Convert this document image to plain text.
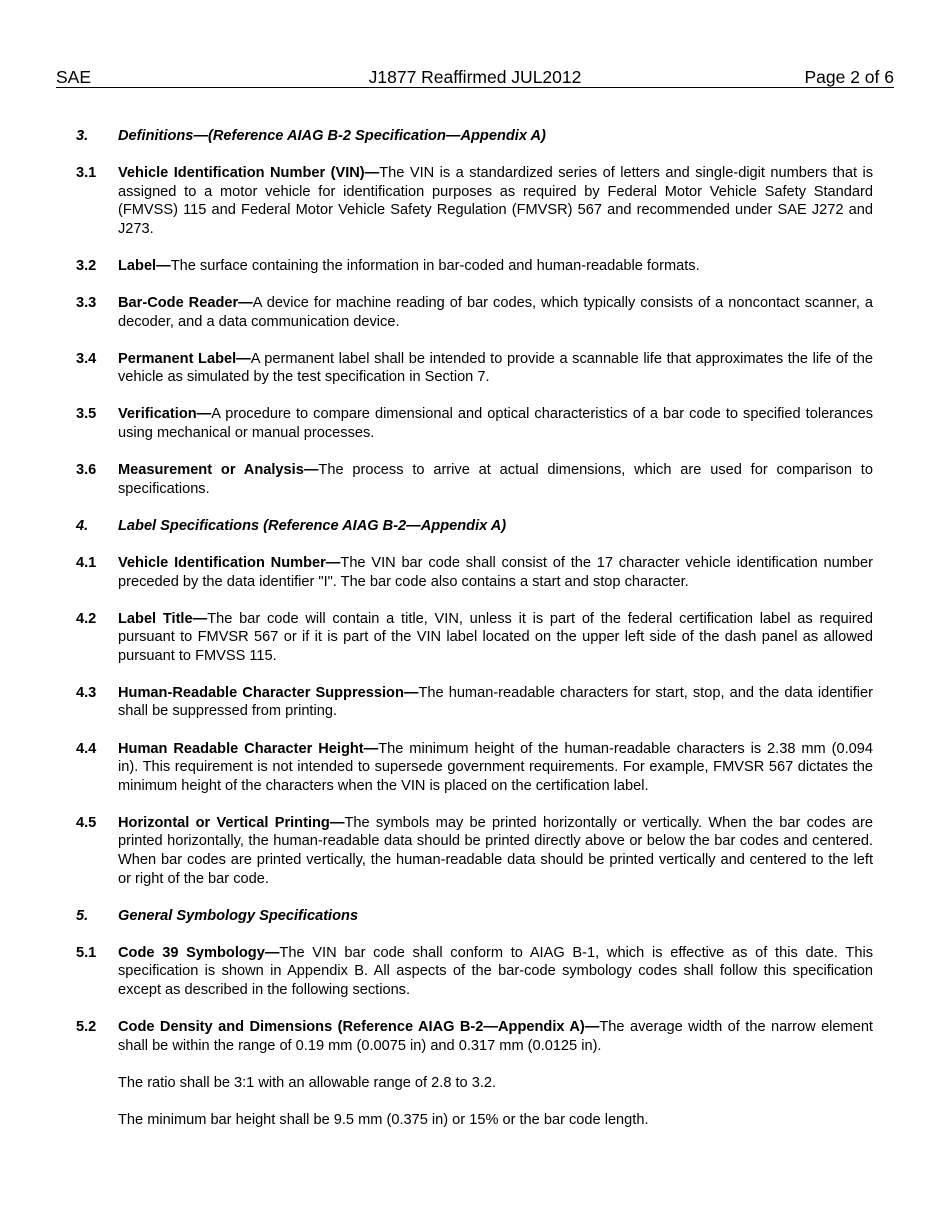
SAE	J1877 Reaffirmed JUL2012	Page 2 of 6
3.	Definitions—(Reference AIAG B-2 Specification—Appendix A)
3.1	Vehicle Identification Number (VIN)—The VIN is a standardized series of letters and single-digit numbers that is assigned to a motor vehicle for identification purposes as required by Federal Motor Vehicle Safety Standard (FMVSS) 115 and Federal Motor Vehicle Safety Regulation (FMVSR) 567 and recommended under SAE J272 and J273.
3.2	Label—The surface containing the information in bar-coded and human-readable formats.
3.3	Bar-Code Reader—A device for machine reading of bar codes, which typically consists of a noncontact scanner, a decoder, and a data communication device.
3.4	Permanent Label—A permanent label shall be intended to provide a scannable life that approximates the life of the vehicle as simulated by the test specification in Section 7.
3.5	Verification—A procedure to compare dimensional and optical characteristics of a bar code to specified tolerances using mechanical or manual processes.
3.6	Measurement or Analysis—The process to arrive at actual dimensions, which are used for comparison to specifications.
4.	Label Specifications (Reference AIAG B-2—Appendix A)
4.1	Vehicle Identification Number—The VIN bar code shall consist of the 17 character vehicle identification number preceded by the data identifier "I". The bar code also contains a start and stop character.
4.2	Label Title—The bar code will contain a title, VIN, unless it is part of the federal certification label as required pursuant to FMVSR 567 or if it is part of the VIN label located on the upper left side of the dash panel as allowed pursuant to FMVSS 115.
4.3	Human-Readable Character Suppression—The human-readable characters for start, stop, and the data identifier shall be suppressed from printing.
4.4	Human Readable Character Height—The minimum height of the human-readable characters is 2.38 mm (0.094 in). This requirement is not intended to supersede government requirements. For example, FMVSR 567 dictates the minimum height of the characters when the VIN is placed on the certification label.
4.5	Horizontal or Vertical Printing—The symbols may be printed horizontally or vertically. When the bar codes are printed horizontally, the human-readable data should be printed directly above or below the bar codes and centered. When bar codes are printed vertically, the human-readable data should be printed vertically and centered to the left or right of the bar code.
5.	General Symbology Specifications
5.1	Code 39 Symbology—The VIN bar code shall conform to AIAG B-1, which is effective as of this date. This specification is shown in Appendix B. All aspects of the bar-code symbology codes shall follow this specification except as described in the following sections.
5.2	Code Density and Dimensions (Reference AIAG B-2—Appendix A)—The average width of the narrow element shall be within the range of 0.19 mm (0.0075 in) and 0.317 mm (0.0125 in).
The ratio shall be 3:1 with an allowable range of 2.8 to 3.2.
The minimum bar height shall be 9.5 mm (0.375 in) or 15% or the bar code length.
